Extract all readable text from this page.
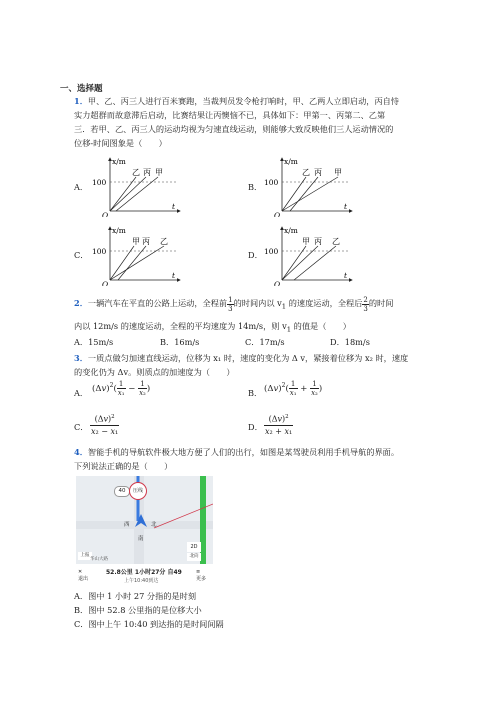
一、选择题
1．甲、乙、丙三人进行百米赛跑，当裁判员发令枪打响时，甲、乙两人立即启动，丙自恃
实力超群而故意滞后启动，比赛结果让丙懊恼不已，具体如下：甲第一、丙第二、乙第
三．若甲、乙、丙三人的运动均视为匀速直线运动，则能够大致反映他们三人运动情况的
位移-时间图象是（　　）
A．	B．
C．	D．
x/m
100
O
t
乙 丙 甲
x/m
100
O
t
乙 丙 甲
x/m
100
O
t
甲 丙 乙
x/m
100
O
t
甲 丙 乙
2．一辆汽车在平直的公路上运动，全程前 $\frac{1}{3}$ 的时间内以 $v_1$ 的速度运动，全程后 $\frac{2}{3}$ 的时间
内以 12m/s 的速度运动，全程的平均速度为 14m/s，则 $v_1$ 的值是（　　）
A．15m/s	B．16m/s	C．17m/s	D．18m/s
3．一质点做匀加速直线运动，位移为 x₁ 时，速度的变化为 Δ v，紧接着位移为 x₂ 时，速度
的变化仍为 Δv。则质点的加速度为（　　）
A． $(\Delta v)^2( \frac{1}{\text{x₁}} - \frac{1}{\text{x₂}}$ )	B． $(\Delta v)^2( \frac{1}{\text{x₁}} + \frac{1}{\text{x₂}}$ )
C． $\frac{(\Delta v)^2}{\text{x₂ − x₁}}$	D． $\frac{(\Delta v)^2}{\text{x₂ + x₁}}$
4．智能手机的导航软件极大地方便了人们的出行，如图是某驾驶员利用手机导航的界面。
下列说法正确的是（　　）
40	压线
西	北
南
2D
北向
上报
华山大路
✕
退出
52.8公里 1小时27分 自49
上午10:40到达
≡
更多
A．图中 1 小时 27 分指的是时刻
B．图中 52.8 公里指的是位移大小
C．图中上午 10:40 到达指的是时间间隔
